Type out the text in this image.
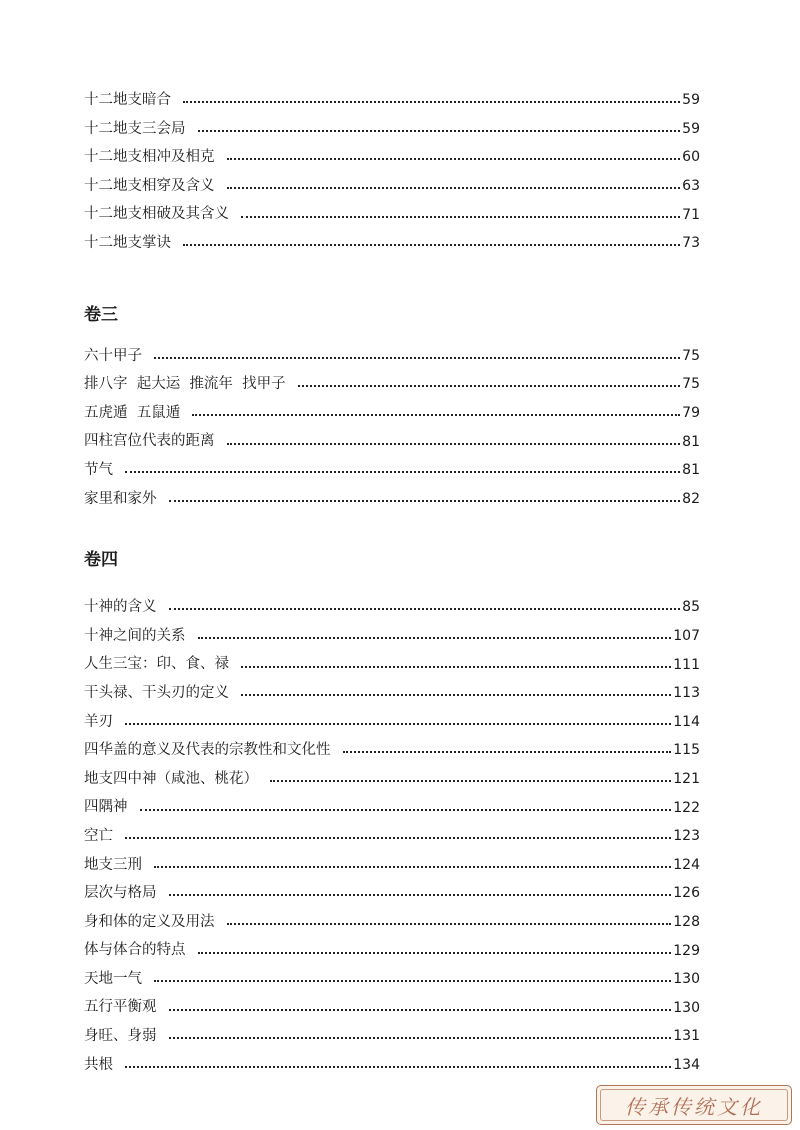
十二地支暗合	59
十二地支三会局	59
十二地支相冲及相克	60
十二地支相穿及含义	63
十二地支相破及其含义	71
十二地支掌诀	73
卷三
六十甲子	75
排八字  起大运  推流年  找甲子	75
五虎遁  五鼠遁	79
四柱宫位代表的距离	81
节气	81
家里和家外	82
卷四
十神的含义	85
十神之间的关系	107
人生三宝：印、食、禄	111
干头禄、干头刃的定义	113
羊刃	114
四华盖的意义及代表的宗教性和文化性	115
地支四中神（咸池、桃花）	121
四隅神	122
空亡	123
地支三刑	124
层次与格局	126
身和体的定义及用法	128
体与体合的特点	129
天地一气	130
五行平衡观	130
身旺、身弱	131
共根	134
传承传统文化
